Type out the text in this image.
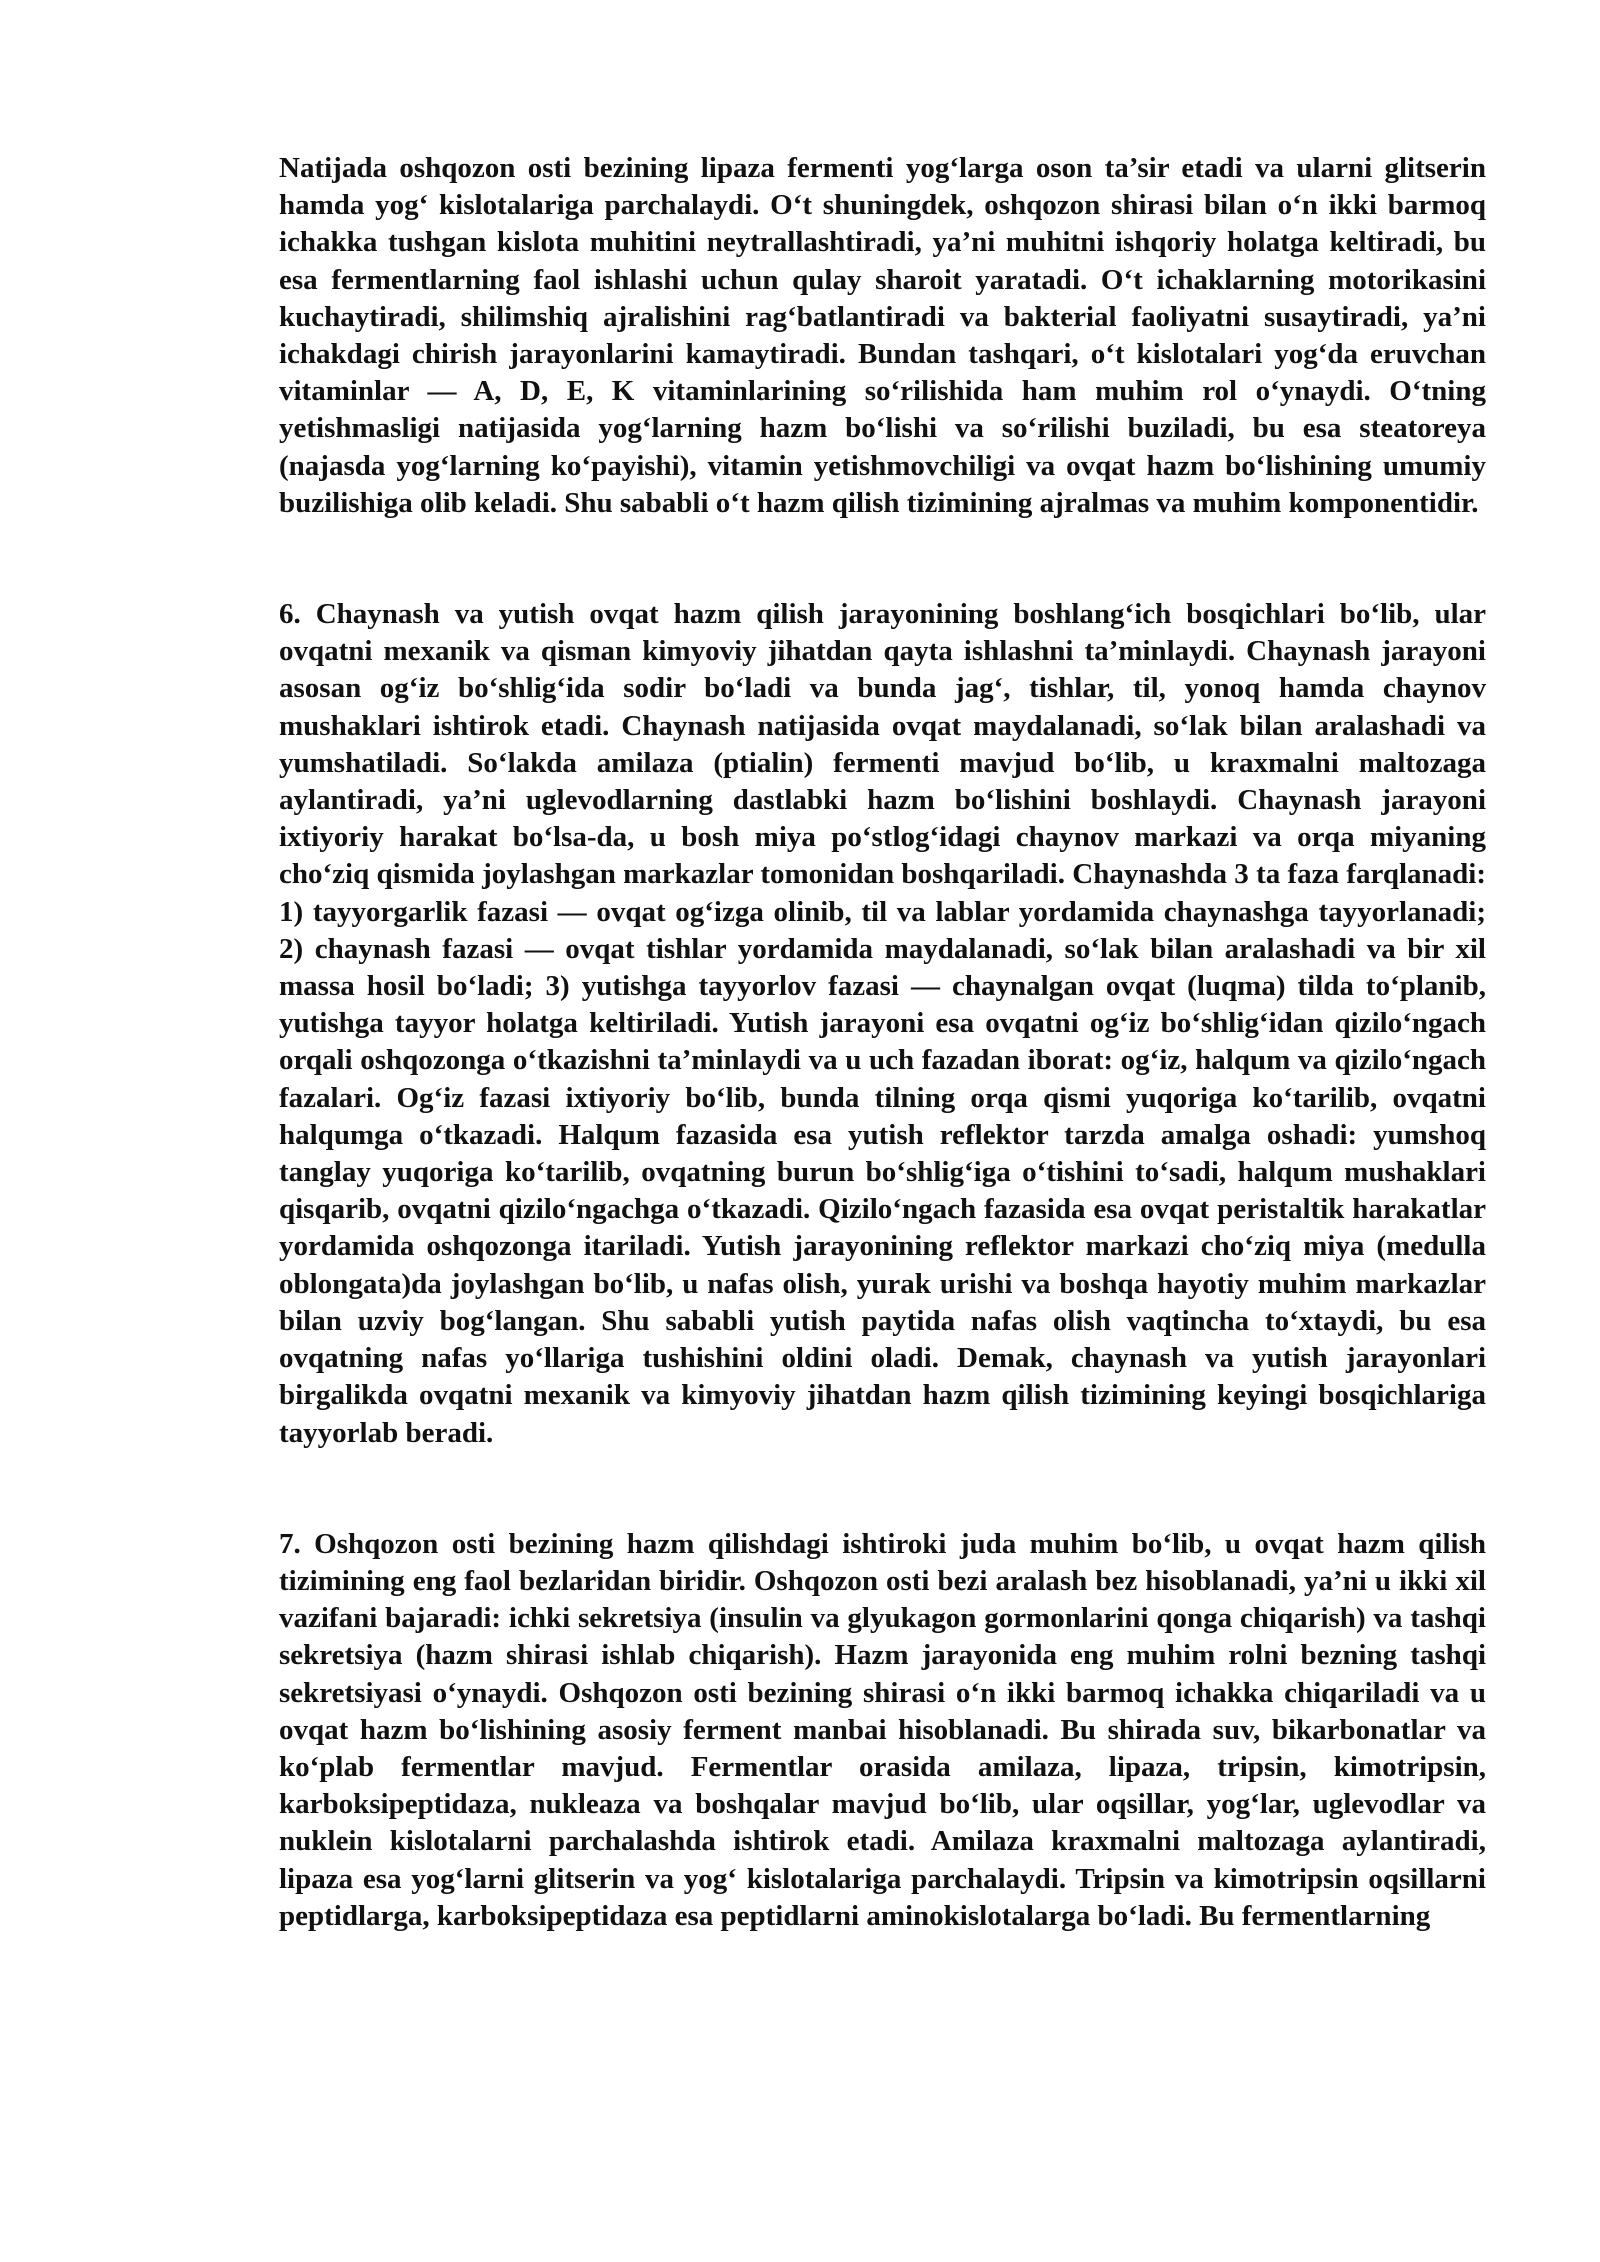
Natijada oshqozon osti bezining lipaza fermenti yog‘larga oson ta’sir etadi va ularni glitserin hamda yog‘ kislotalariga parchalaydi. O‘t shuningdek, oshqozon shirasi bilan o‘n ikki barmoq ichakka tushgan kislota muhitini neytrallashtiradi, ya’ni muhitni ishqoriy holatga keltiradi, bu esa fermentlarning faol ishlashi uchun qulay sharoit yaratadi. O‘t ichaklarning motorikasini kuchaytiradi, shilimshiq ajralishini rag‘batlantiradi va bakterial faoliyatni susaytiradi, ya’ni ichakdagi chirish jarayonlarini kamaytiradi. Bundan tashqari, o‘t kislotalari yog‘da eruvchan vitaminlar — A, D, E, K vitaminlarining so‘rilishida ham muhim rol o‘ynaydi. O‘tning yetishmasligi natijasida yog‘larning hazm bo‘lishi va so‘rilishi buziladi, bu esa steatoreya (najasda yog‘larning ko‘payishi), vitamin yetishmovchiligi va ovqat hazm bo‘lishining umumiy buzilishiga olib keladi. Shu sababli o‘t hazm qilish tizimining ajralmas va muhim komponentidir.

6. Chaynash va yutish ovqat hazm qilish jarayonining boshlang‘ich bosqichlari bo‘lib, ular ovqatni mexanik va qisman kimyoviy jihatdan qayta ishlashni ta’minlaydi. Chaynash jarayoni asosan og‘iz bo‘shlig‘ida sodir bo‘ladi va bunda jag‘, tishlar, til, yonoq hamda chaynov mushaklari ishtirok etadi. Chaynash natijasida ovqat maydalanadi, so‘lak bilan aralashadi va yumshatiladi. So‘lakda amilaza (ptialin) fermenti mavjud bo‘lib, u kraxmalni maltozaga aylantiradi, ya’ni uglevodlarning dastlabki hazm bo‘lishini boshlaydi. Chaynash jarayoni ixtiyoriy harakat bo‘lsa-da, u bosh miya po‘stlog‘idagi chaynov markazi va orqa miyaning cho‘ziq qismida joylashgan markazlar tomonidan boshqariladi. Chaynashda 3 ta faza farqlanadi: 1) tayyorgarlik fazasi — ovqat og‘izga olinib, til va lablar yordamida chaynashga tayyorlanadi; 2) chaynash fazasi — ovqat tishlar yordamida maydalanadi, so‘lak bilan aralashadi va bir xil massa hosil bo‘ladi; 3) yutishga tayyorlov fazasi — chaynalgan ovqat (luqma) tilda to‘planib, yutishga tayyor holatga keltiriladi. Yutish jarayoni esa ovqatni og‘iz bo‘shlig‘idan qizilo‘ngach orqali oshqozonga o‘tkazishni ta’minlaydi va u uch fazadan iborat: og‘iz, halqum va qizilo‘ngach fazalari. Og‘iz fazasi ixtiyoriy bo‘lib, bunda tilning orqa qismi yuqoriga ko‘tarilib, ovqatni halqumga o‘tkazadi. Halqum fazasida esa yutish reflektor tarzda amalga oshadi: yumshoq tanglay yuqoriga ko‘tarilib, ovqatning burun bo‘shlig‘iga o‘tishini to‘sadi, halqum mushaklari qisqarib, ovqatni qizilo‘ngachga o‘tkazadi. Qizilo‘ngach fazasida esa ovqat peristaltik harakatlar yordamida oshqozonga itariladi. Yutish jarayonining reflektor markazi cho‘ziq miya (medulla oblongata)da joylashgan bo‘lib, u nafas olish, yurak urishi va boshqa hayotiy muhim markazlar bilan uzviy bog‘langan. Shu sababli yutish paytida nafas olish vaqtincha to‘xtaydi, bu esa ovqatning nafas yo‘llariga tushishini oldini oladi. Demak, chaynash va yutish jarayonlari birgalikda ovqatni mexanik va kimyoviy jihatdan hazm qilish tizimining keyingi bosqichlariga tayyorlab beradi.

7. Oshqozon osti bezining hazm qilishdagi ishtiroki juda muhim bo‘lib, u ovqat hazm qilish tizimining eng faol bezlaridan biridir. Oshqozon osti bezi aralash bez hisoblanadi, ya’ni u ikki xil vazifani bajaradi: ichki sekretsiya (insulin va glyukagon gormonlarini qonga chiqarish) va tashqi sekretsiya (hazm shirasi ishlab chiqarish). Hazm jarayonida eng muhim rolni bezning tashqi sekretsiyasi o‘ynaydi. Oshqozon osti bezining shirasi o‘n ikki barmoq ichakka chiqariladi va u ovqat hazm bo‘lishining asosiy ferment manbai hisoblanadi. Bu shirada suv, bikarbonatlar va ko‘plab fermentlar mavjud. Fermentlar orasida amilaza, lipaza, tripsin, kimotripsin, karboksipeptidaza, nukleaza va boshqalar mavjud bo‘lib, ular oqsillar, yog‘lar, uglevodlar va nuklein kislotalarni parchalashda ishtirok etadi. Amilaza kraxmalni maltozaga aylantiradi, lipaza esa yog‘larni glitserin va yog‘ kislotalariga parchalaydi. Tripsin va kimotripsin oqsillarni peptidlarga, karboksipeptidaza esa peptidlarni aminokislotalarga bo‘ladi. Bu fermentlarning
